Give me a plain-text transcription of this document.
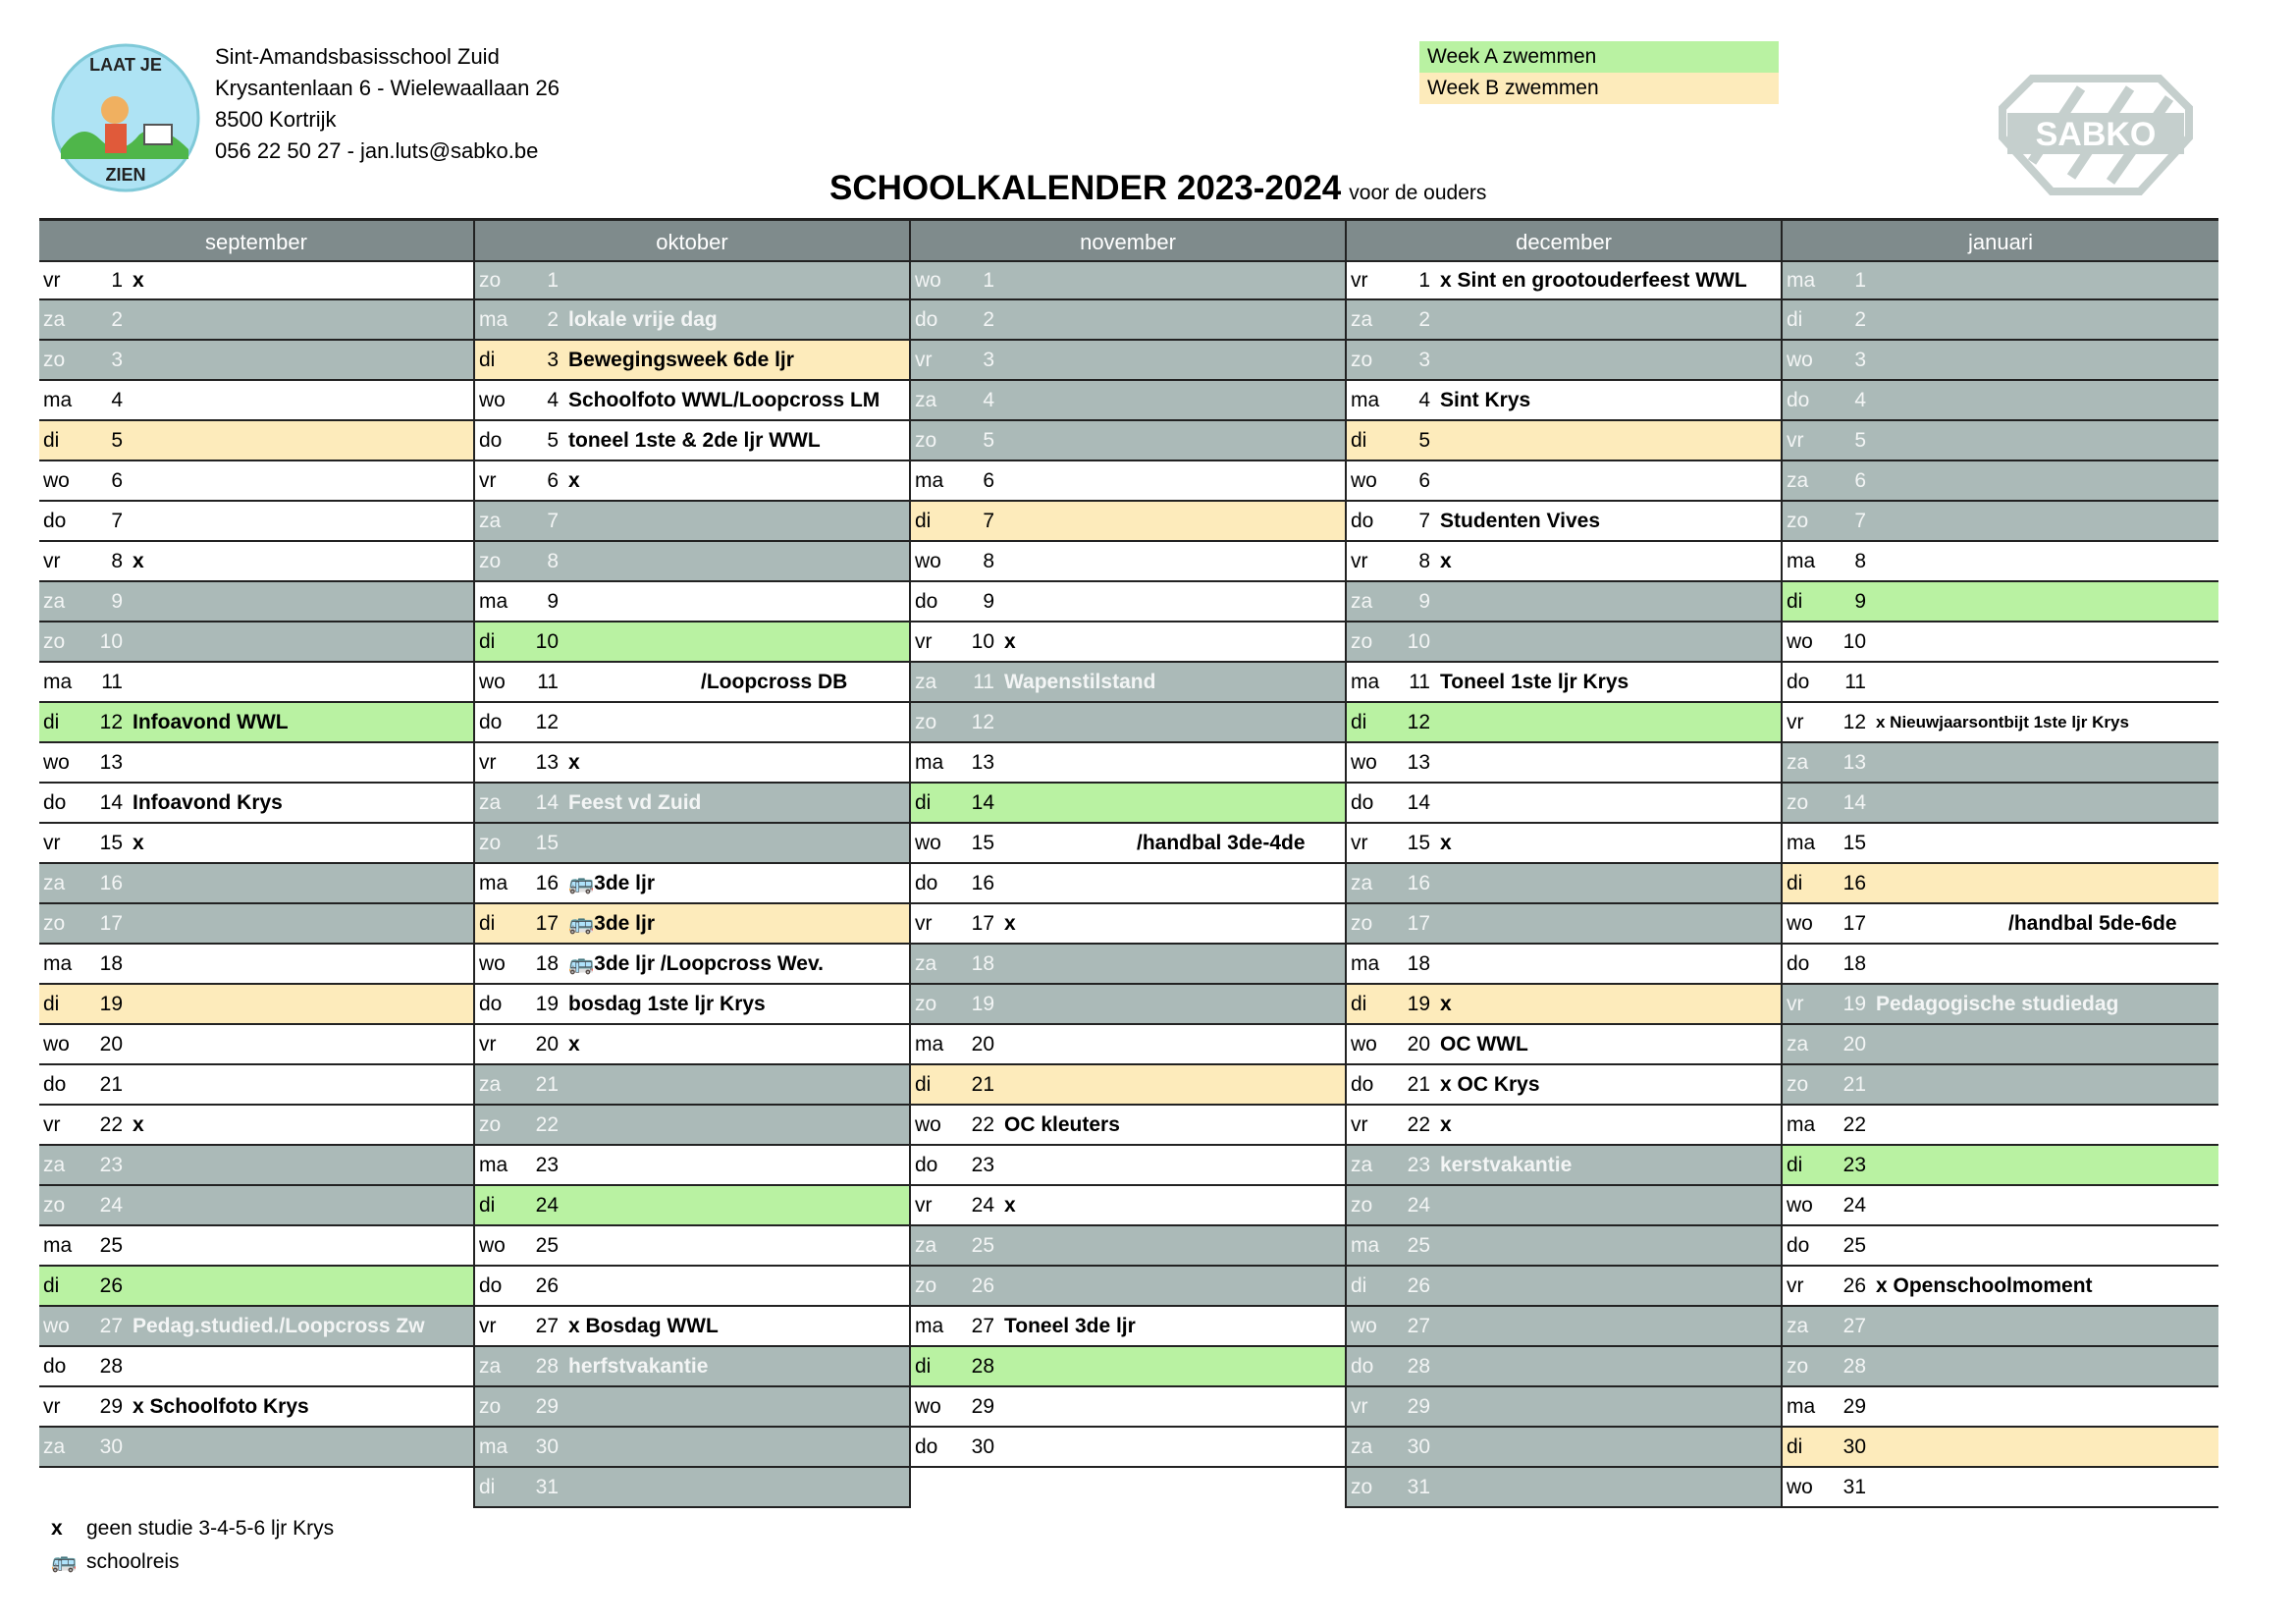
LAAT JE
ZIEN
Sint-Amandsbasisschool Zuid
Krysantenlaan 6 - Wielewaallaan 26
8500 Kortrijk
056 22 50 27 - jan.luts@sabko.be
Week A zwemmen
Week B zwemmen
SABKO
SCHOOLKALENDER 2023-2024 voor de ouders
september
vr	1 x
za	2
zo	3
ma	4
di	5
wo	6
do	7
vr	8 x
za	9
zo	10
ma	11
di	12 Infoavond WWL
wo	13
do	14 Infoavond Krys
vr	15 x
za	16
zo	17
ma	18
di	19
wo	20
do	21
vr	22 x
za	23
zo	24
ma	25
di	26
wo	27 Pedag.studied./Loopcross Zw
do	28
vr	29 x Schoolfoto Krys
za	30
oktober
zo	1
ma	2 lokale vrije dag
di	3 Bewegingsweek 6de ljr
wo	4 Schoolfoto WWL/Loopcross LM
do	5 toneel 1ste & 2de ljr WWL
vr	6 x
za	7
zo	8
ma	9
di	10
wo	11	/Loopcross DB
do	12
vr	13 x
za	14 Feest vd Zuid
zo	15
ma	16 🚌3de ljr
di	17 🚌3de ljr
wo	18 🚌3de ljr /Loopcross Wev.
do	19 bosdag 1ste ljr Krys
vr	20 x
za	21
zo	22
ma	23
di	24
wo	25
do	26
vr	27 x Bosdag WWL
za	28 herfstvakantie
zo	29
ma	30
di	31
november
wo	1
do	2
vr	3
za	4
zo	5
ma	6
di	7
wo	8
do	9
vr	10 x
za	11 Wapenstilstand
zo	12
ma	13
di	14
wo	15	/handbal 3de-4de
do	16
vr	17 x
za	18
zo	19
ma	20
di	21
wo	22 OC kleuters
do	23
vr	24 x
za	25
zo	26
ma	27 Toneel 3de ljr
di	28
wo	29
do	30
december
vr	1 x Sint en grootouderfeest WWL
za	2
zo	3
ma	4 Sint Krys
di	5
wo	6
do	7 Studenten Vives
vr	8 x
za	9
zo	10
ma	11 Toneel 1ste ljr Krys
di	12
wo	13
do	14
vr	15 x
za	16
zo	17
ma	18
di	19 x
wo	20 OC WWL
do	21 x OC Krys
vr	22 x
za	23 kerstvakantie
zo	24
ma	25
di	26
wo	27
do	28
vr	29
za	30
zo	31
januari
ma	1
di	2
wo	3
do	4
vr	5
za	6
zo	7
ma	8
di	9
wo	10
do	11
vr	12 x Nieuwjaarsontbijt 1ste ljr Krys
za	13
zo	14
ma	15
di	16
wo	17	/handbal 5de-6de
do	18
vr	19 Pedagogische studiedag
za	20
zo	21
ma	22
di	23
wo	24
do	25
vr	26 x Openschoolmoment
za	27
zo	28
ma	29
di	30
wo	31
x	geen studie 3-4-5-6 ljr Krys
🚌 schoolreis
